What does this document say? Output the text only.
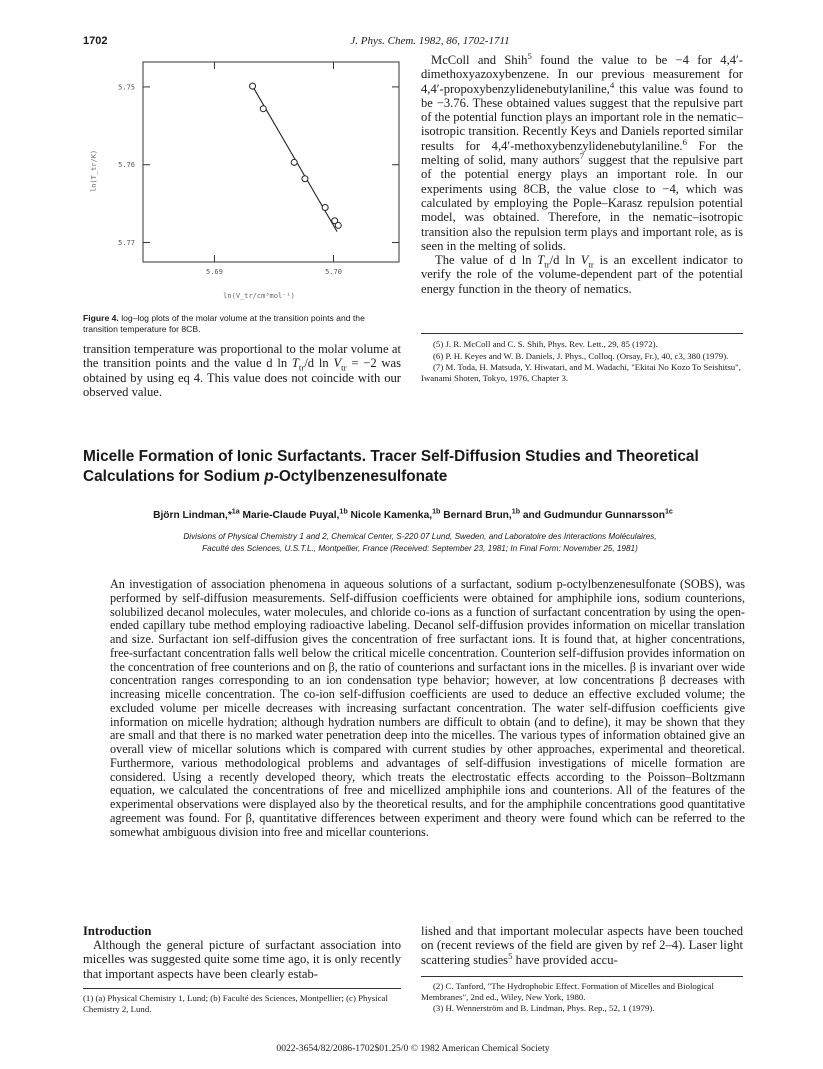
1702	J. Phys. Chem. 1982, 86, 1702-1711
5.77
5.76
5.75
5.69	5.70
ln(T_tr/K)
ln(V_tr/cm³mol⁻¹)
Figure 4. log–log plots of the molar volume at the transition points and the transition temperature for 8CB.
transition temperature was proportional to the molar volume at the transition points and the value d $\ln T_{tr}/d$ $\ln V_{tr} = -2$ was obtained by using eq 4. This value does not coincide with our observed value.

McColl and Shih$^5$ found the value to be −4 for 4,4′-dimethoxyazoxybenzene. In our previous measurement for 4,4′-propoxybenzylidenebutylaniline,$^4$ this value was found to be −3.76. These obtained values suggest that the repulsive part of the potential function plays an important role in the nematic–isotropic transition. Recently Keys and Daniels reported similar results for 4,4′-methoxybenzylidenebutylaniline.$^6$ For the melting of solid, many authors$^7$ suggest that the repulsive part of the potential energy plays an important role. In our experiments using 8CB, the value close to −4, which was calculated by employing the Pople–Karasz repulsion potential model, was obtained. Therefore, in the nematic–isotropic transition also the repulsion term plays and important role, as is seen in the melting of solids.

The value of d $\ln T_{tr}/d$ $\ln V_{tr}$ is an excellent indicator to verify the role of the volume-dependent part of the potential energy function in the theory of nematics.

(5) J. R. McColl and C. S. Shih, Phys. Rev. Lett., 29, 85 (1972).
(6) P. H. Keyes and W. B. Daniels, J. Phys., Colloq. (Orsay, Fr.), 40, c3, 380 (1979).
(7) M. Toda, H. Matsuda, Y. Hiwatari, and M. Wadachi, "Ekitai No Kozo To Seishitsu", Iwanami Shoten, Tokyo, 1976, Chapter 3.
Micelle Formation of Ionic Surfactants. Tracer Self-Diffusion Studies and Theoretical
Calculations for Sodium p-Octylbenzenesulfonate
Björn Lindman,*$^{1a}$ Marie-Claude Puyal,$^{1b}$ Nicole Kamenka,$^{1b}$ Bernard Brun,$^{1b}$ and Gudmundur Gunnarsson$^{1c}$
Divisions of Physical Chemistry 1 and 2, Chemical Center, S-220 07 Lund, Sweden, and Laboratoire des Interactions Moléculaires,
Faculté des Sciences, U.S.T.L., Montpellier, France (Received: September 23, 1981; In Final Form: November 25, 1981)
An investigation of association phenomena in aqueous solutions of a surfactant, sodium p-octylbenzenesulfonate (SOBS), was performed by self-diffusion measurements. Self-diffusion coefficients were obtained for amphiphile ions, sodium counterions, solubilized decanol molecules, water molecules, and chloride co-ions as a function of surfactant concentration by using the open-ended capillary tube method employing radioactive labeling. Decanol self-diffusion provides information on micellar translation and size. Surfactant ion self-diffusion gives the concentration of free surfactant ions. It is found that, at higher concentrations, free-surfactant concentration falls well below the critical micelle concentration. Counterion self-diffusion provides information on the concentration of free counterions and on β, the ratio of counterions and surfactant ions in the micelles. β is invariant over wide concentration ranges corresponding to an ion condensation type behavior; however, at low concentrations β decreases with increasing micelle concentration. The co-ion self-diffusion coefficients are used to deduce an effective excluded volume; the excluded volume per micelle decreases with increasing surfactant concentration. The water self-diffusion coefficients give information on micelle hydration; although hydration numbers are difficult to obtain (and to define), it may be shown that they are small and that there is no marked water penetration deep into the micelles. The various types of information obtained give an overall view of micellar solutions which is compared with current studies by other approaches, experimental and theoretical. Furthermore, various methodological problems and advantages of self-diffusion investigations of micelle formation are considered. Using a recently developed theory, which treats the electrostatic effects according to the Poisson–Boltzmann equation, we calculated the concentrations of free and micellized amphiphile ions and counterions. All of the features of the experimental observations were displayed also by the theoretical results, and for the amphiphile concentrations good quantitative agreement was found. For β, quantitative differences between experiment and theory were found which can be referred to the somewhat ambiguous division into free and micellar counterions.
Introduction
Although the general picture of surfactant association into micelles was suggested quite some time ago, it is only recently that important aspects have been clearly estab-
lished and that important molecular aspects have been touched on (recent reviews of the field are given by ref 2–4). Laser light scattering studies$^5$ have provided accu-
(1) (a) Physical Chemistry 1, Lund; (b) Faculté des Sciences, Montpellier; (c) Physical Chemistry 2, Lund.
(2) C. Tanford, "The Hydrophobic Effect. Formation of Micelles and Biological Membranes", 2nd ed., Wiley, New York, 1980.
(3) H. Wennerström and B. Lindman, Phys. Rep., 52, 1 (1979).
0022-3654/82/2086-1702$01.25/0 © 1982 American Chemical Society
